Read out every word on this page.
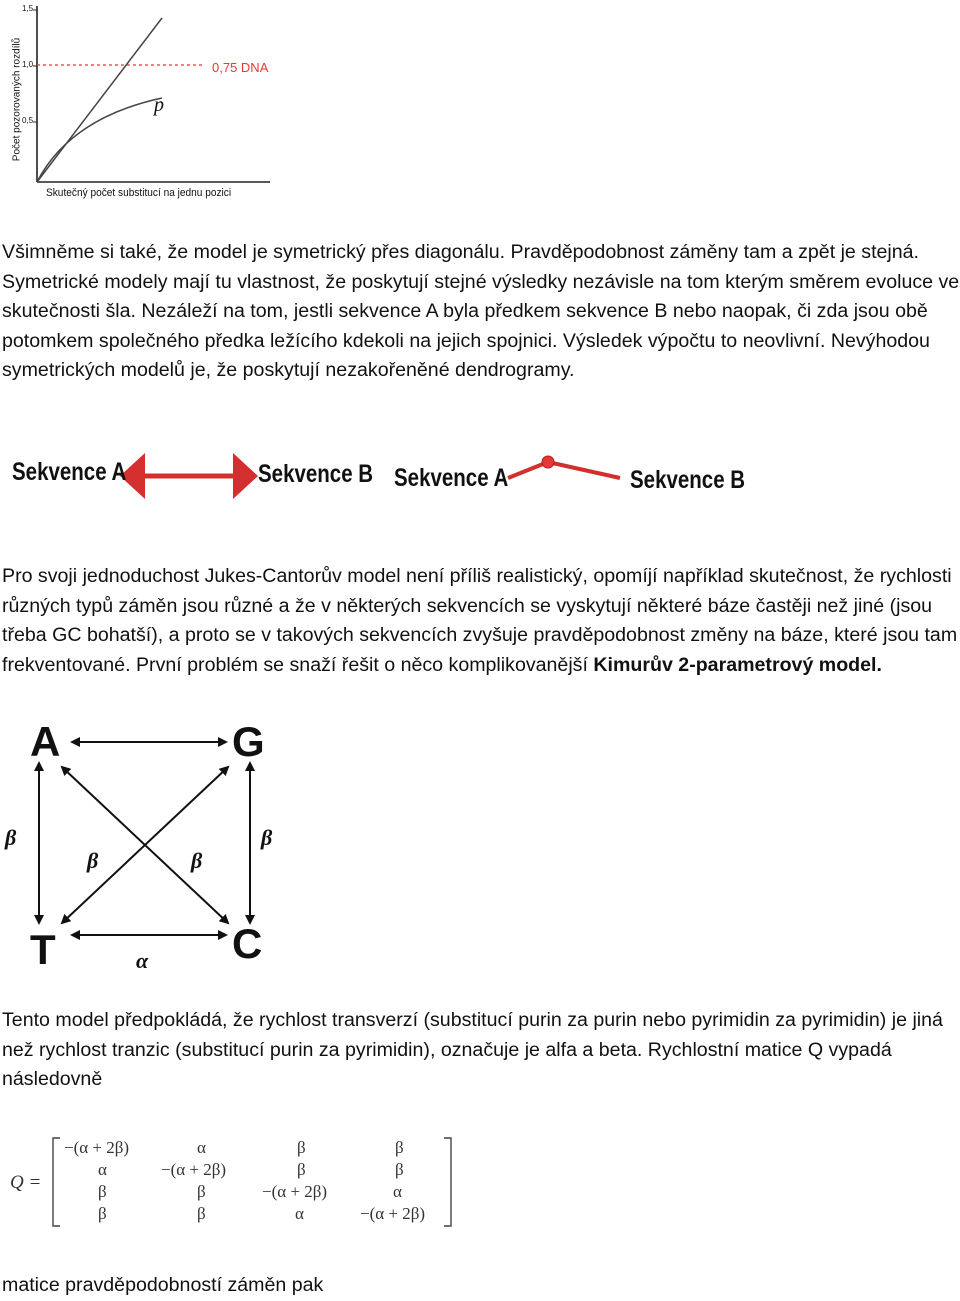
1,5
1,0
0,5
Počet pozorovaných rozdílů
Skutečný počet substitucí na jednu pozici
0,75 DNA
p

Všimněme si také, že model je symetrický přes diagonálu. Pravděpodobnost záměny tam a zpět je stejná. Symetrické modely mají tu vlastnost, že poskytují stejné výsledky nezávisle na tom kterým směrem evoluce ve skutečnosti šla. Nezáleží na tom, jestli sekvence A byla předkem sekvence B nebo naopak, či zda jsou obě potomkem společného předka ležícího kdekoli na jejich spojnici. Výsledek výpočtu to neovlivní. Nevýhodou symetrických modelů je, že poskytují nezakořeněné dendrogramy.

Sekvence A	Sekvence B Sekvence A	Sekvence B

Pro svoji jednoduchost Jukes-Cantorův model není příliš realistický, opomíjí například skutečnost, že rychlosti různých typů záměn jsou různé a že v některých sekvencích se vyskytují některé báze častěji než jiné (jsou třeba GC bohatší), a proto se v takových sekvencích zvyšuje pravděpodobnost změny na báze, které jsou tam frekventované. První problém se snaží řešit o něco komplikovanější Kimurův 2-parametrový model.

A	G
T	C
β	β
β	β
α

Tento model předpokládá, že rychlost transverzí (substitucí purin za purin nebo pyrimidin za pyrimidin) je jiná než rychlost tranzic (substitucí purin za pyrimidin), označuje je alfa a beta. Rychlostní matice Q vypadá následovně

Q =
−(α + 2β)	α	β	β
α	−(α + 2β)	β	β
β	β	−(α + 2β)	α
β	β	α	−(α + 2β)

matice pravděpodobností záměn pak
